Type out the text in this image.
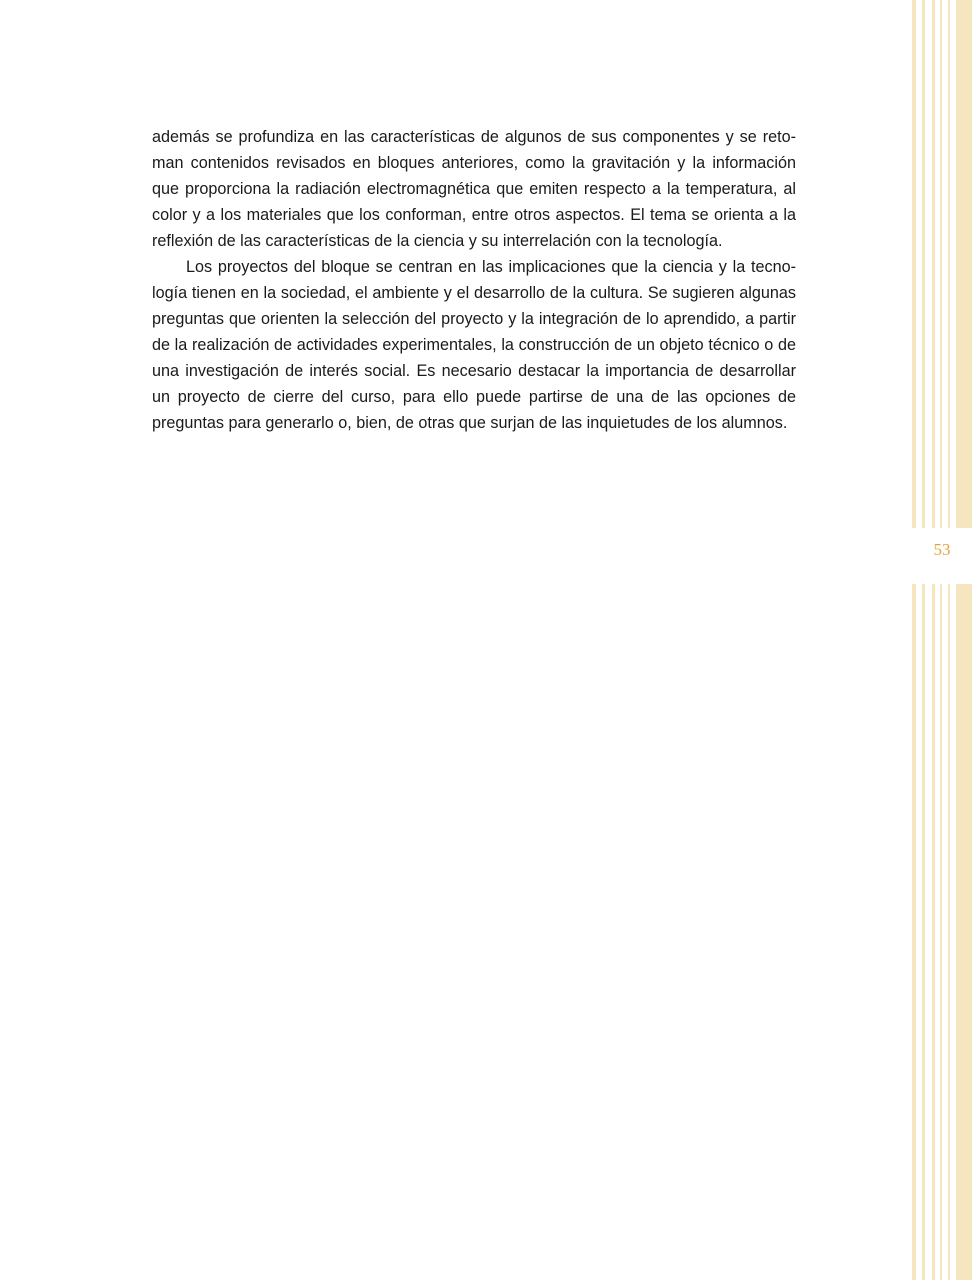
además se profundiza en las características de algunos de sus componentes y se retoman contenidos revisados en bloques anteriores, como la gravitación y la información que proporciona la radiación electromagnética que emiten respecto a la temperatura, al color y a los materiales que los conforman, entre otros aspectos. El tema se orienta a la reflexión de las características de la ciencia y su interrelación con la tecnología.

Los proyectos del bloque se centran en las implicaciones que la ciencia y la tecnología tienen en la sociedad, el ambiente y el desarrollo de la cultura. Se sugieren algunas preguntas que orienten la selección del proyecto y la integración de lo aprendido, a partir de la realización de actividades experimentales, la construcción de un objeto técnico o de una investigación de interés social. Es necesario destacar la importancia de desarrollar un proyecto de cierre del curso, para ello puede partirse de una de las opciones de preguntas para generarlo o, bien, de otras que surjan de las inquietudes de los alumnos.

53
